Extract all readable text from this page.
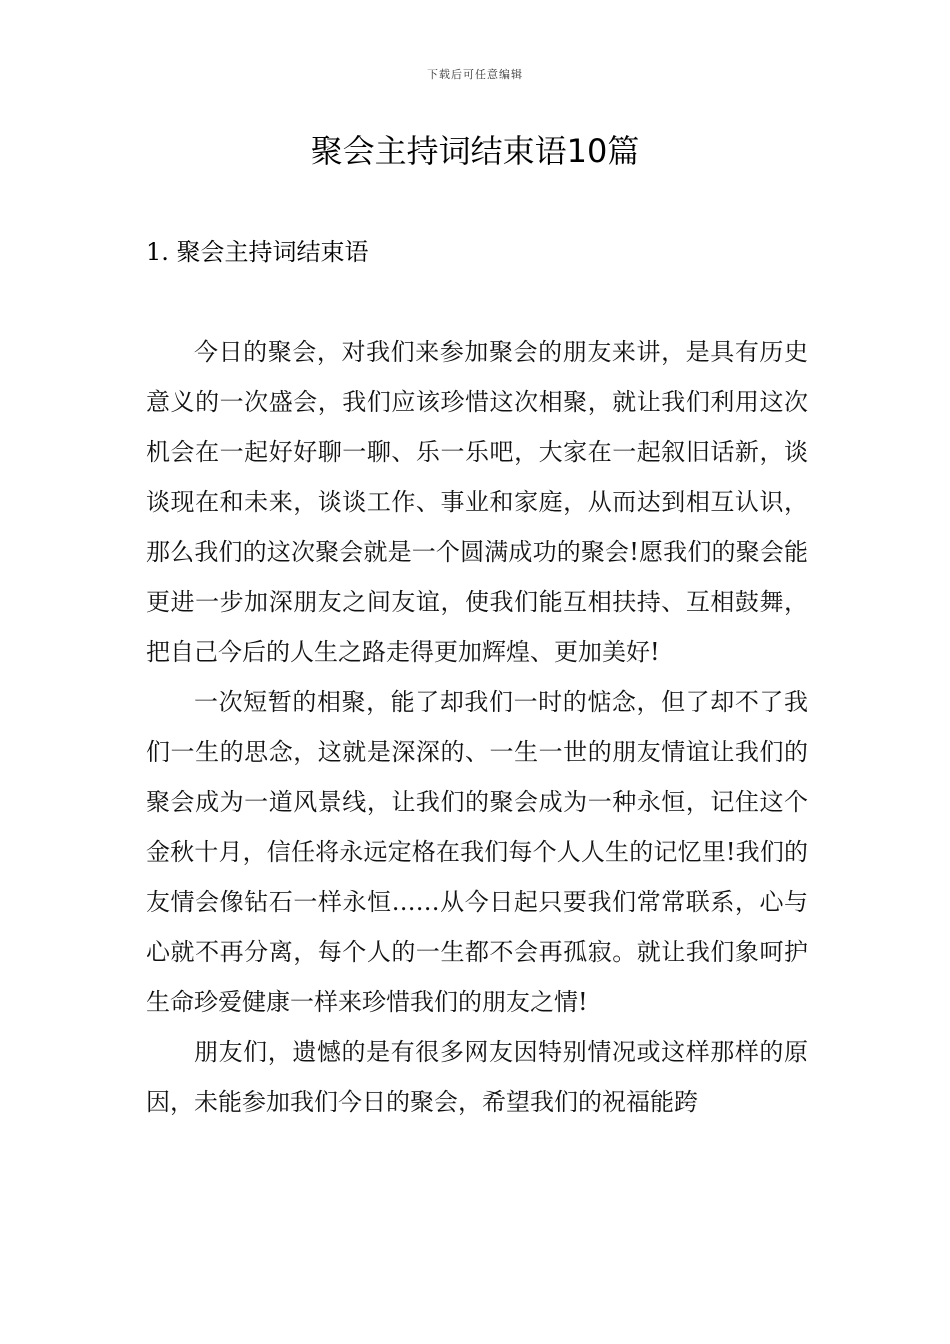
下载后可任意编辑
聚会主持词结束语10篇
1. 聚会主持词结束语

今日的聚会，对我们来参加聚会的朋友来讲，是具有历史意义的一次盛会，我们应该珍惜这次相聚，就让我们利用这次机会在一起好好聊一聊、乐一乐吧，大家在一起叙旧话新，谈谈现在和未来，谈谈工作、事业和家庭，从而达到相互认识，那么我们的这次聚会就是一个圆满成功的聚会!愿我们的聚会能更进一步加深朋友之间友谊，使我们能互相扶持、互相鼓舞，把自己今后的人生之路走得更加辉煌、更加美好!

一次短暂的相聚，能了却我们一时的惦念，但了却不了我们一生的思念，这就是深深的、一生一世的朋友情谊让我们的聚会成为一道风景线，让我们的聚会成为一种永恒，记住这个金秋十月，信任将永远定格在我们每个人人生的记忆里!我们的友情会像钻石一样永恒……从今日起只要我们常常联系，心与心就不再分离，每个人的一生都不会再孤寂。就让我们象呵护生命珍爱健康一样来珍惜我们的朋友之情!

朋友们，遗憾的是有很多网友因特别情况或这样那样的原因，未能参加我们今日的聚会，希望我们的祝福能跨
